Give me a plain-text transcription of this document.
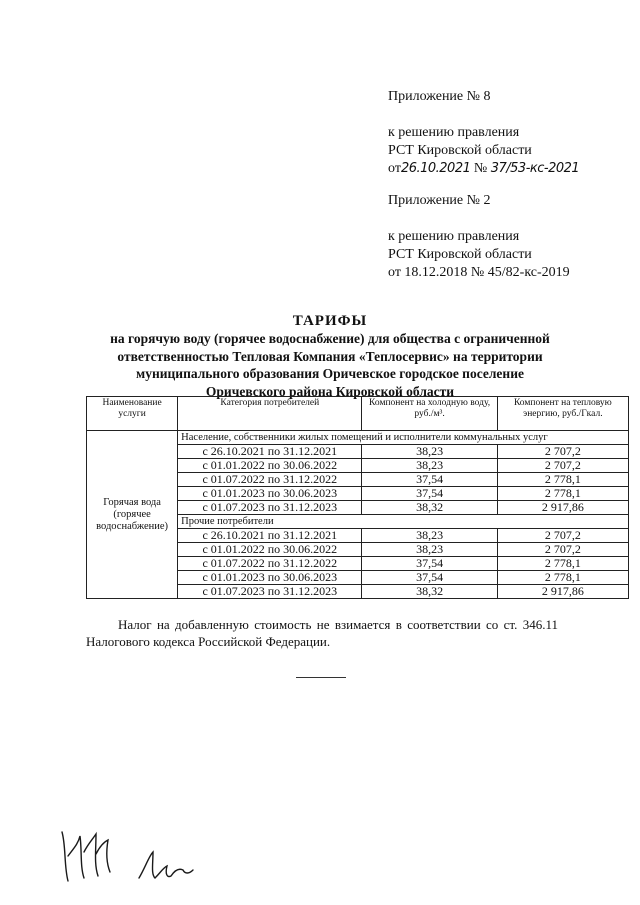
Приложение № 8
к решению правления
РСТ Кировской области
от26.10.2021 № 37/53-кс-2021
Приложение № 2
к решению правления
РСТ Кировской области
от 18.12.2018 № 45/82-кс-2019
ТАРИФЫ
на горячую воду (горячее водоснабжение) для общества с ограниченной
ответственностью Тепловая Компания «Теплосервис» на территории
муниципального образования Оричевское городское поселение
Оричевского района Кировской области
Наименование услуги	Категория потребителей	Компонент на холодную воду, руб./м³.	Компонент на тепловую энергию, руб./Гкал.
Горячая вода (горячее водоснабжение)	Население, собственники жилых помещений и исполнители коммунальных услуг		
	с 26.10.2021 по 31.12.2021	38,23	2 707,2
	с 01.01.2022 по 30.06.2022	38,23	2 707,2
	с 01.07.2022 по 31.12.2022	37,54	2 778,1
	с 01.01.2023 по 30.06.2023	37,54	2 778,1
	с 01.07.2023 по 31.12.2023	38,32	2 917,86
	Прочие потребители		
	с 26.10.2021 по 31.12.2021	38,23	2 707,2
	с 01.01.2022 по 30.06.2022	38,23	2 707,2
	с 01.07.2022 по 31.12.2022	37,54	2 778,1
	с 01.01.2023 по 30.06.2023	37,54	2 778,1
	с 01.07.2023 по 31.12.2023	38,32	2 917,86
Налог на добавленную стоимость не взимается в соответствии со ст. 346.11 Налогового кодекса Российской Федерации.
